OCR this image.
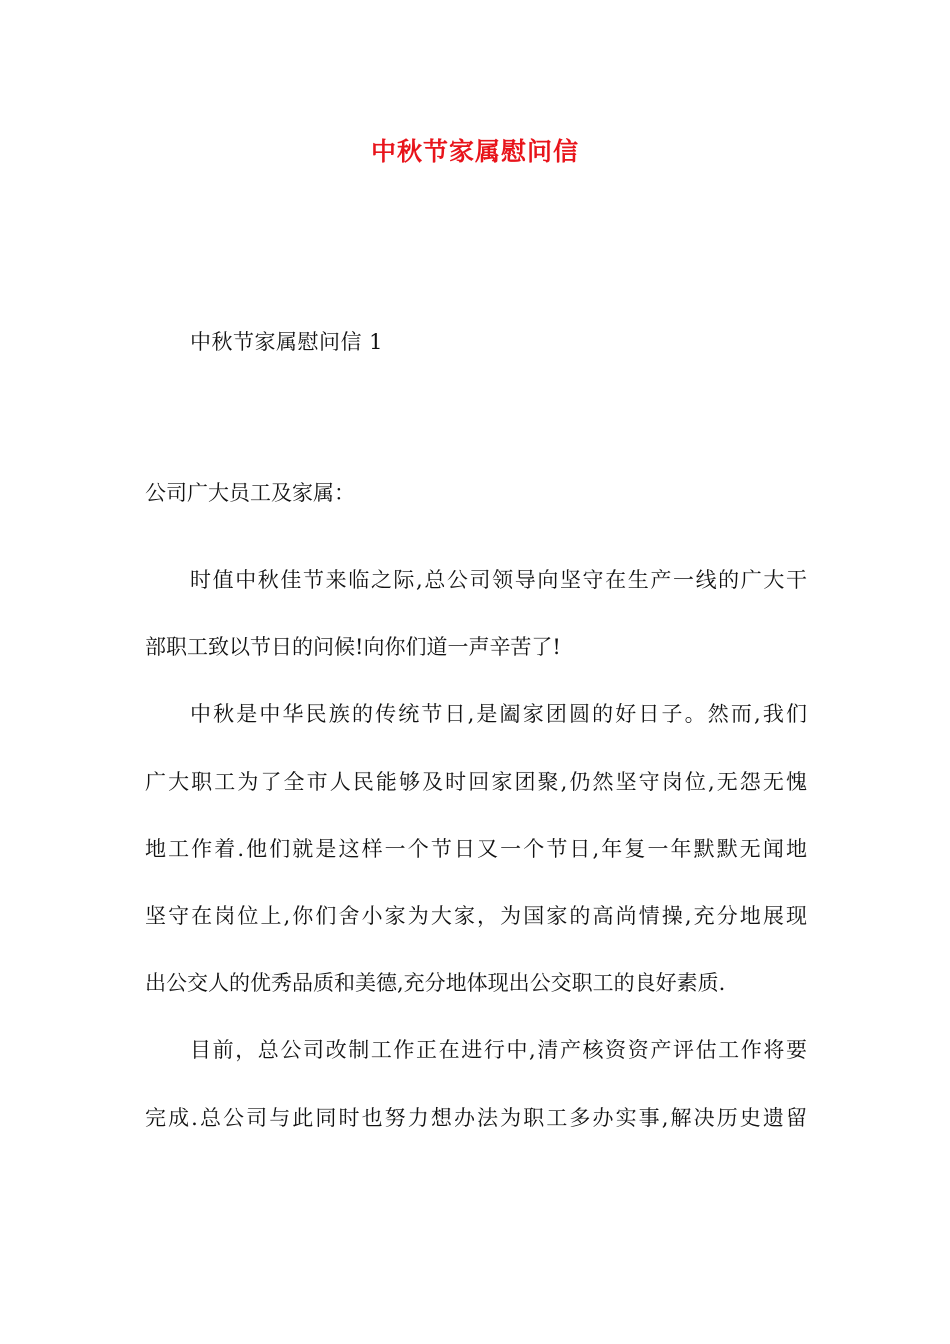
中秋节家属慰问信
中秋节家属慰问信 1
公司广大员工及家属：
时值中秋佳节来临之际,总公司领导向坚守在生产一线的广大干
部职工致以节日的问候!向你们道一声辛苦了!
中秋是中华民族的传统节日,是阖家团圆的好日子。然而,我们
广大职工为了全市人民能够及时回家团聚,仍然坚守岗位,无怨无愧
地工作着.他们就是这样一个节日又一个节日,年复一年默默无闻地
坚守在岗位上,你们舍小家为大家，为国家的高尚情操,充分地展现
出公交人的优秀品质和美德,充分地体现出公交职工的良好素质.
目前，总公司改制工作正在进行中,清产核资资产评估工作将要
完成.总公司与此同时也努力想办法为职工多办实事,解决历史遗留
